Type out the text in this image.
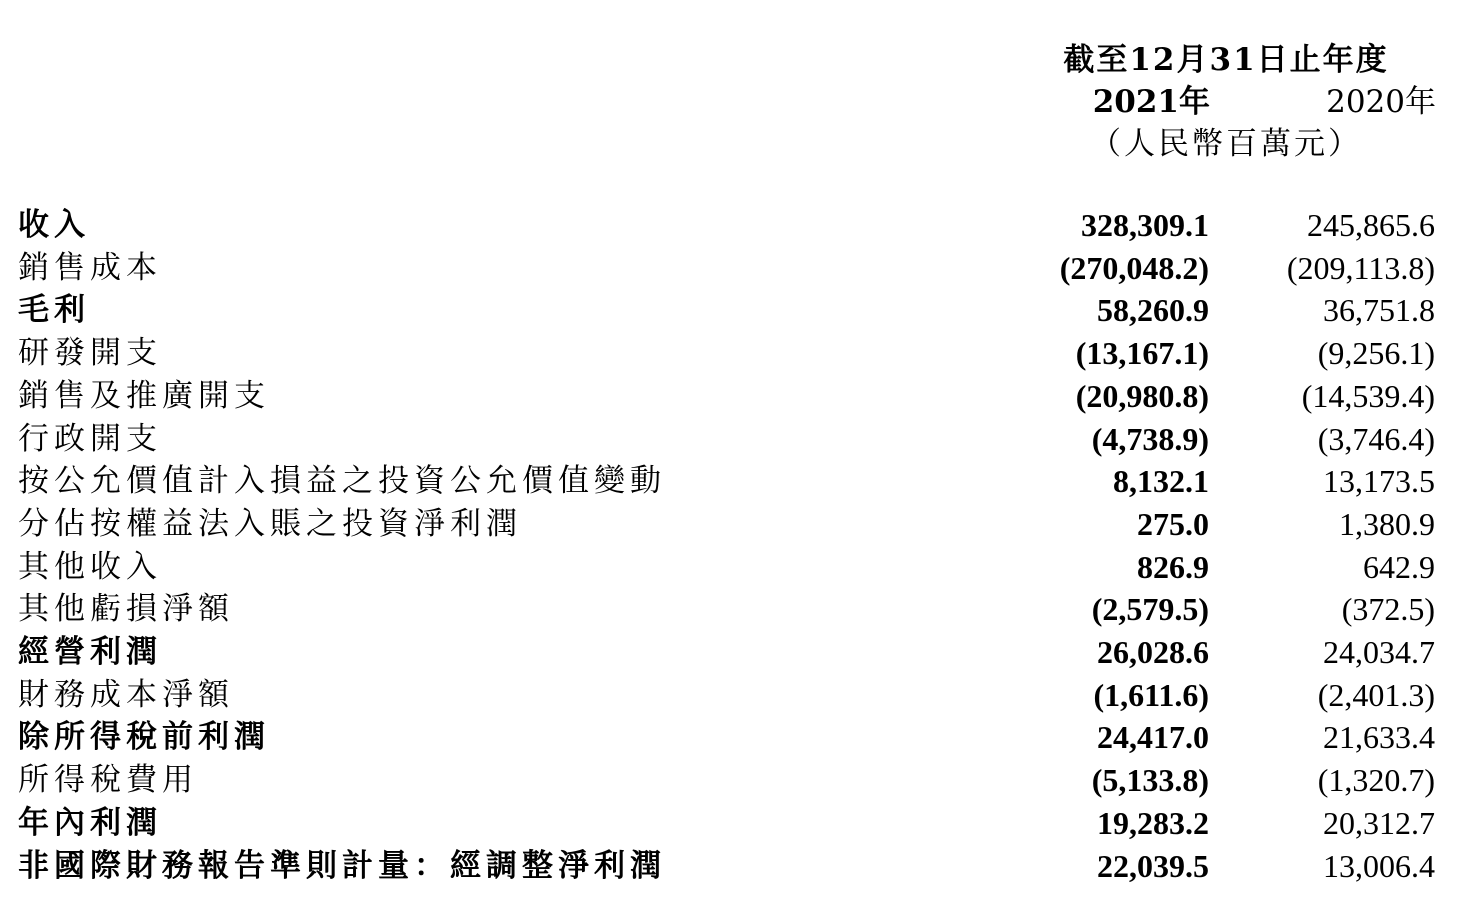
截至12月31日止年度
2021年	2020年
（人民幣百萬元）
收入	328,309.1	245,865.6
銷售成本	(270,048.2)	(209,113.8)
毛利	58,260.9	36,751.8
研發開支	(13,167.1)	(9,256.1)
銷售及推廣開支	(20,980.8)	(14,539.4)
行政開支	(4,738.9)	(3,746.4)
按公允價值計入損益之投資公允價值變動	8,132.1	13,173.5
分佔按權益法入賬之投資淨利潤	275.0	1,380.9
其他收入	826.9	642.9
其他虧損淨額	(2,579.5)	(372.5)
經營利潤	26,028.6	24,034.7
財務成本淨額	(1,611.6)	(2,401.3)
除所得稅前利潤	24,417.0	21,633.4
所得稅費用	(5,133.8)	(1,320.7)
年內利潤	19,283.2	20,312.7
非國際財務報告準則計量：經調整淨利潤	22,039.5	13,006.4
